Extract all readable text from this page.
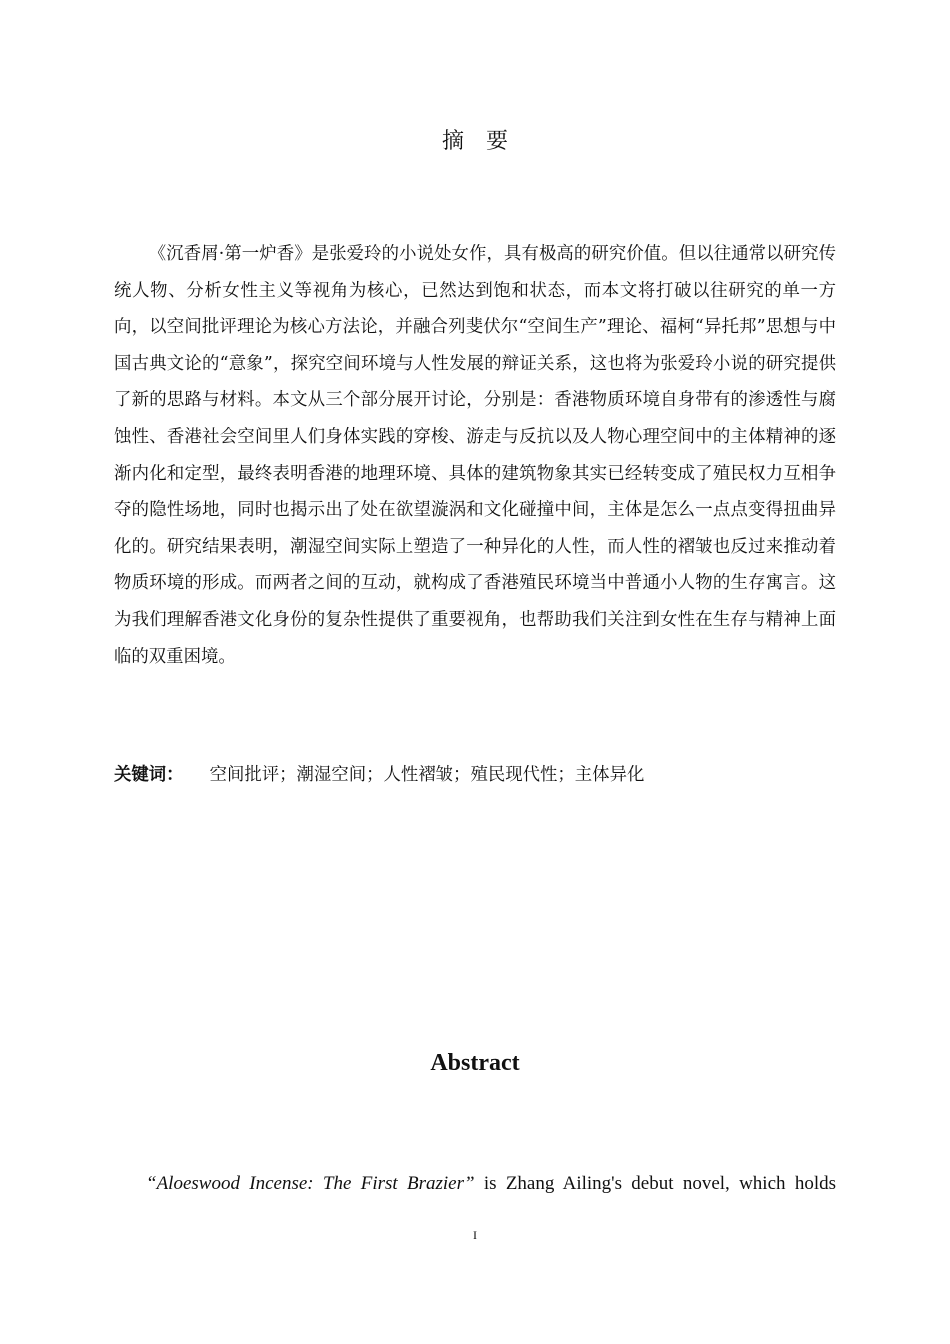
摘要

《沉香屑·第一炉香》是张爱玲的小说处女作，具有极高的研究价值。但以往通常以研究传统人物、分析女性主义等视角为核心，已然达到饱和状态，而本文将打破以往研究的单一方向，以空间批评理论为核心方法论，并融合列斐伏尔“空间生产”理论、福柯“异托邦”思想与中国古典文论的“意象”，探究空间环境与人性发展的辩证关系，这也将为张爱玲小说的研究提供了新的思路与材料。本文从三个部分展开讨论，分别是：香港物质环境自身带有的渗透性与腐蚀性、香港社会空间里人们身体实践的穿梭、游走与反抗以及人物心理空间中的主体精神的逐渐内化和定型，最终表明香港的地理环境、具体的建筑物象其实已经转变成了殖民权力互相争夺的隐性场地，同时也揭示出了处在欲望漩涡和文化碰撞中间，主体是怎么一点点变得扭曲异化的。研究结果表明，潮湿空间实际上塑造了一种异化的人性，而人性的褶皱也反过来推动着物质环境的形成。而两者之间的互动，就构成了香港殖民环境当中普通小人物的生存寓言。这为我们理解香港文化身份的复杂性提供了重要视角，也帮助我们关注到女性在生存与精神上面临的双重困境。

关键词： 空间批评；潮湿空间；人性褶皱；殖民现代性；主体异化
Abstract

“Aloeswood Incense: The First Brazier” is Zhang Ailing's debut novel, which holds

I
